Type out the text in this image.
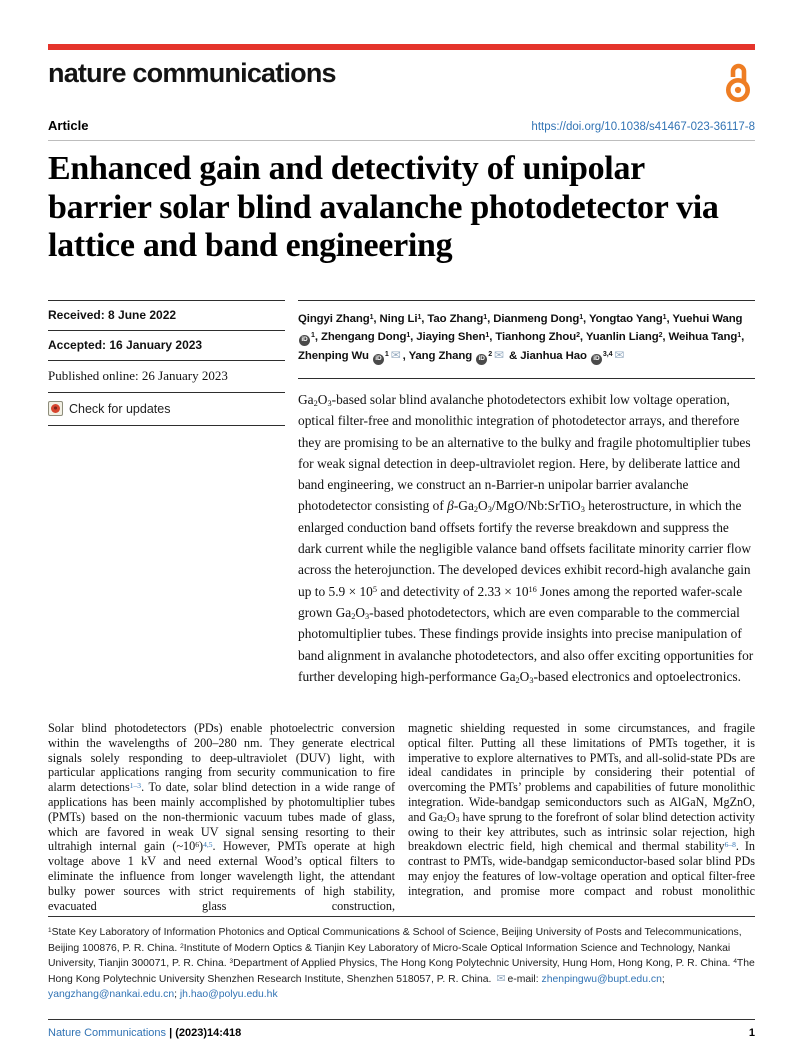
nature communications
Article	https://doi.org/10.1038/s41467-023-36117-8
Enhanced gain and detectivity of unipolar barrier solar blind avalanche photodetector via lattice and band engineering
Received: 8 June 2022
Accepted: 16 January 2023
Published online: 26 January 2023
Check for updates

Qingyi Zhang$^1$, Ning Li$^1$, Tao Zhang$^1$, Dianmeng Dong$^1$, Yongtao Yang$^1$, Yuehui Wang $iD^1$, Zhengang Dong$^1$, Jiaying Shen$^1$, Tianhong Zhou$^2$, Yuanlin Liang$^2$, Weihua Tang$^1$, Zhenping Wu $iD^1$ ✉ , Yang Zhang $iD^2$ ✉ & Jianhua Hao iD$^{3,4}$ ✉

Ga2O3-based solar blind avalanche photodetectors exhibit low voltage operation, optical filter-free and monolithic integration of photodetector arrays, and therefore they are promising to be an alternative to the bulky and fragile photomultiplier tubes for weak signal detection in deep-ultraviolet region. Here, by deliberate lattice and band engineering, we construct an n-Barrier-n unipolar barrier avalanche photodetector consisting of β-Ga2O3/MgO/Nb:SrTiO3 heterostructure, in which the enlarged conduction band offsets fortify the reverse breakdown and suppress the dark current while the negligible valance band offsets facilitate minority carrier flow across the heterojunction. The developed devices exhibit record-high avalanche gain up to $5.9 \times 10^5$ and detectivity of $2.33 \times 10^{16}$ Jones among the reported wafer-scale grown Ga2O3-based photodetectors, which are even comparable to the commercial photomultiplier tubes. These findings provide insights into precise manipulation of band alignment in avalanche photodetectors, and also offer exciting opportunities for further developing high-performance Ga2O3-based electronics and optoelectronics.

Solar blind photodetectors (PDs) enable photoelectric conversion within the wavelengths of 200–280 nm. They generate electrical signals solely responding to deep-ultraviolet (DUV) light, with particular applications ranging from security communication to fire alarm detections$^{1-3}$. To date, solar blind detection in a wide range of applications has been mainly accomplished by photomultiplier tubes (PMTs) based on the non-thermionic vacuum tubes made of glass, which are favored in weak UV signal sensing resorting to their ultrahigh internal gain $(\sim 10^6)^{4,5}$. However, PMTs operate at high voltage above 1 kV and need external Wood’s optical filters to eliminate the influence from longer wavelength light, the attendant bulky power sources with strict requirements of high stability, evacuated glass construction,

magnetic shielding requested in some circumstances, and fragile optical filter. Putting all these limitations of PMTs together, it is imperative to explore alternatives to PMTs, and all-solid-state PDs are ideal candidates in principle by considering their potential of overcoming the PMTs’ problems and capabilities of future monolithic integration. Wide-bandgap semiconductors such as AlGaN, MgZnO, and Ga2O3 have sprung to the forefront of solar blind detection activity owing to their key attributes, such as intrinsic solar rejection, high breakdown electric field, high chemical and thermal stability$^{6-8}$. In contrast to PMTs, wide-bandgap semiconductor-based solar blind PDs may enjoy the features of low-voltage operation and optical filter-free integration, and promise more compact and robust monolithic

$^1$State Key Laboratory of Information Photonics and Optical Communications & School of Science, Beijing University of Posts and Telecommunications, Beijing 100876, P. R. China. $^2$Institute of Modern Optics & Tianjin Key Laboratory of Micro-Scale Optical Information Science and Technology, Nankai University, Tianjin 300071, P. R. China. $^3$Department of Applied Physics, The Hong Kong Polytechnic University, Hung Hom, Hong Kong, P. R. China. $^4$The Hong Kong Polytechnic University Shenzhen Research Institute, Shenzhen 518057, P. R. China. ✉ e-mail: zhenpingwu@bupt.edu.cn; yangzhang@nankai.edu.cn; jh.hao@polyu.edu.hk
Nature Communications | (2023)14:418	1
